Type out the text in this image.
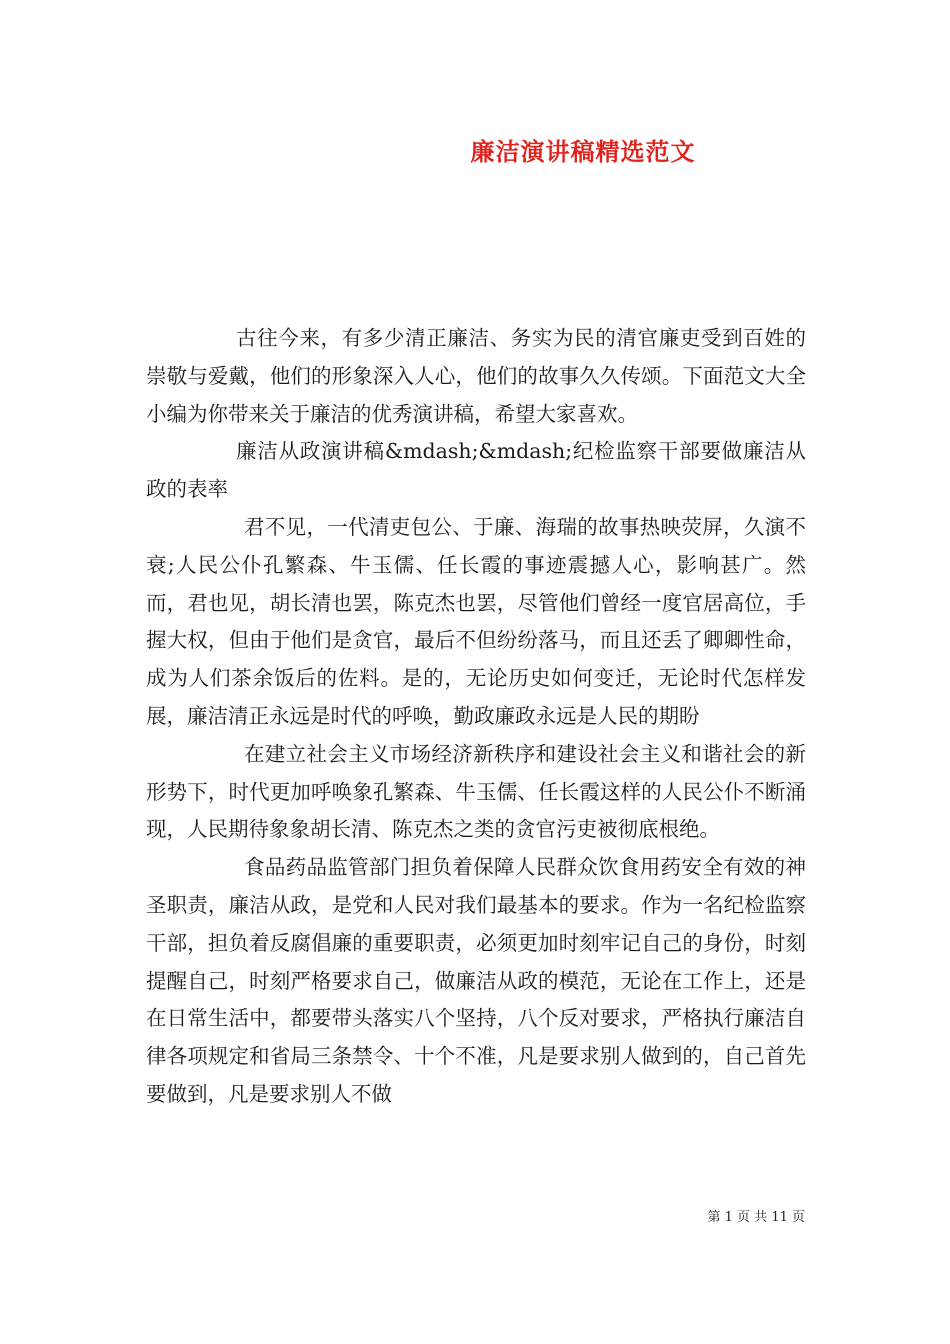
廉洁演讲稿精选范文

古往今来，有多少清正廉洁、务实为民的清官廉吏受到百姓的崇敬与爱戴，他们的形象深入人心，他们的故事久久传颂。下面范文大全小编为你带来关于廉洁的优秀演讲稿，希望大家喜欢。

廉洁从政演讲稿&mdash;&mdash;纪检监察干部要做廉洁从政的表率

君不见，一代清吏包公、于廉、海瑞的故事热映荧屏，久演不衰;人民公仆孔繁森、牛玉儒、任长霞的事迹震撼人心，影响甚广。然而，君也见，胡长清也罢，陈克杰也罢，尽管他们曾经一度官居高位，手握大权，但由于他们是贪官，最后不但纷纷落马，而且还丢了卿卿性命，成为人们茶余饭后的佐料。是的，无论历史如何变迁，无论时代怎样发展，廉洁清正永远是时代的呼唤，勤政廉政永远是人民的期盼

在建立社会主义市场经济新秩序和建设社会主义和谐社会的新形势下，时代更加呼唤象孔繁森、牛玉儒、任长霞这样的人民公仆不断涌现，人民期待象象胡长清、陈克杰之类的贪官污吏被彻底根绝。

食品药品监管部门担负着保障人民群众饮食用药安全有效的神圣职责，廉洁从政，是党和人民对我们最基本的要求。作为一名纪检监察干部，担负着反腐倡廉的重要职责，必须更加时刻牢记自己的身份，时刻提醒自己，时刻严格要求自己，做廉洁从政的模范，无论在工作上，还是在日常生活中，都要带头落实八个坚持，八个反对要求，严格执行廉洁自律各项规定和省局三条禁令、十个不准，凡是要求别人做到的，自己首先要做到，凡是要求别人不做

第 1 页 共 11 页
